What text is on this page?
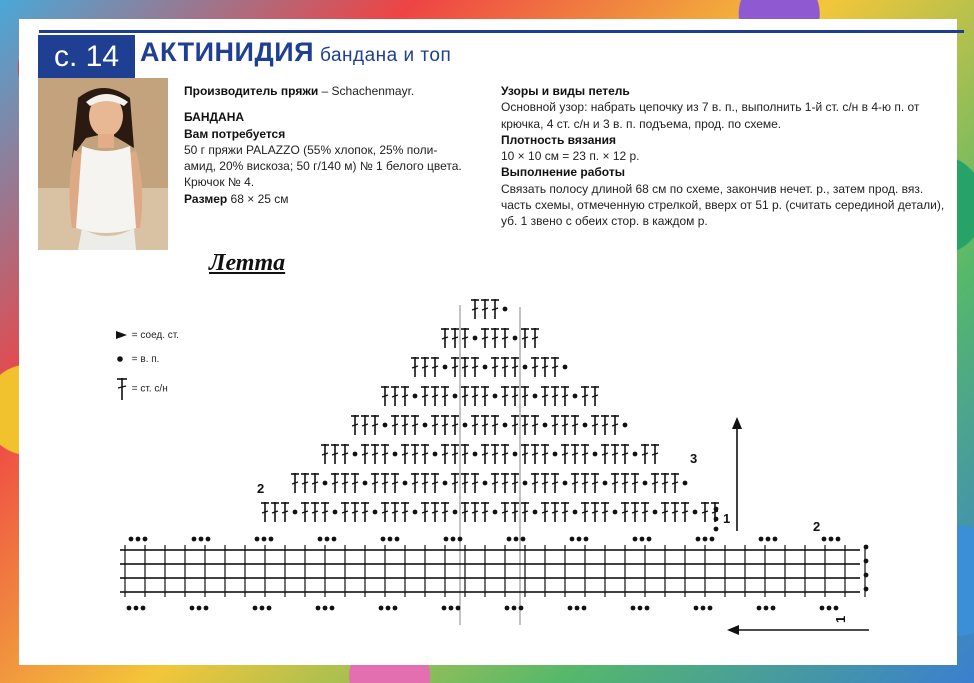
с. 14 АКТИНИДИЯ бандана и топ
Производитель пряжи – Schachenmayr.
БАНДАНА
Вам потребуется
50 г пряжи PALAZZO (55% хлопок, 25% поли-амид, 20% вискоза; 50 г/140 м) № 1 белого цвета.
Крючок № 4.
Размер 68 × 25 см
Узоры и виды петель
Основной узор: набрать цепочку из 7 в. п., выполнить 1-й ст. с/н в 4-ю п. от крючка, 4 ст. с/н и 3 в. п. подъема, прод. по схеме.
Плотность вязания
10 × 10 см = 23 п. × 12 р.
Выполнение работы
Связать полосу длиной 68 см по схеме, закончив нечет. р., затем прод. вяз. часть схемы, отмеченную стрелкой, вверх от 51 р. (считать серединой детали), уб. 1 звено с обеих стор. в каждом р.
Летта
= соед. ст.
= в. п.
= ст. с/н
2
3
1
2
1
